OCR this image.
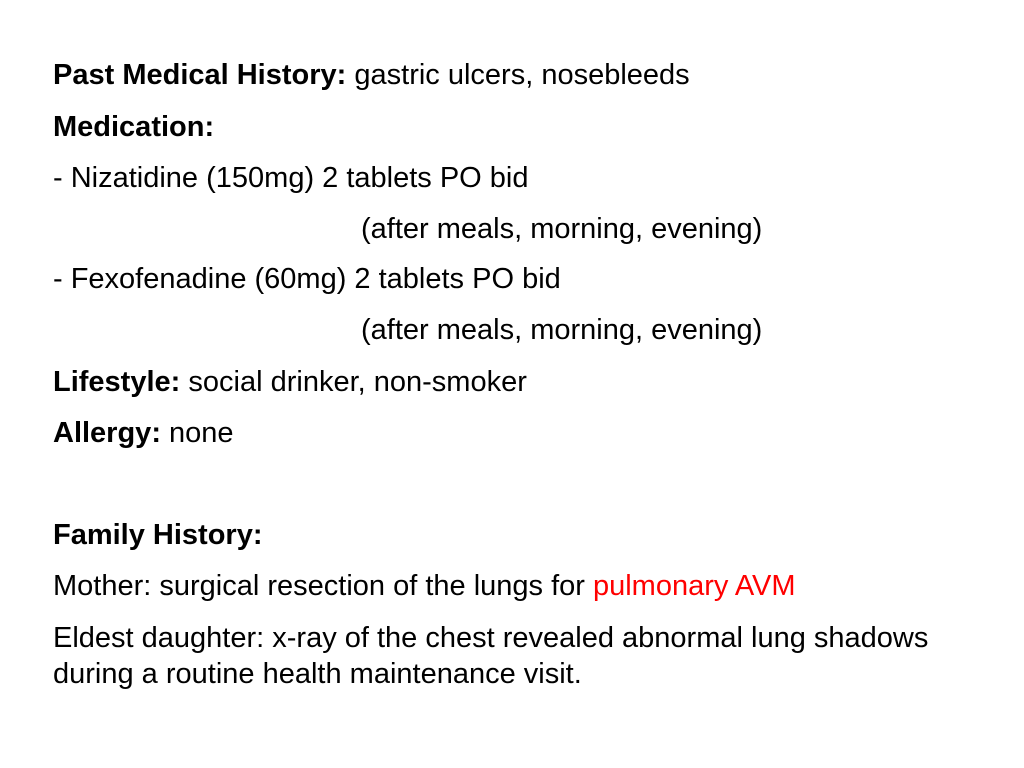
Past Medical History: gastric ulcers, nosebleeds
Medication:
- Nizatidine (150mg) 2 tablets PO bid
(after meals, morning, evening)
- Fexofenadine (60mg) 2 tablets PO bid
(after meals, morning, evening)
Lifestyle: social drinker, non-smoker
Allergy: none
Family History:
Mother: surgical resection of the lungs for pulmonary AVM
Eldest daughter: x-ray of the chest revealed abnormal lung shadows during a routine health maintenance visit.
